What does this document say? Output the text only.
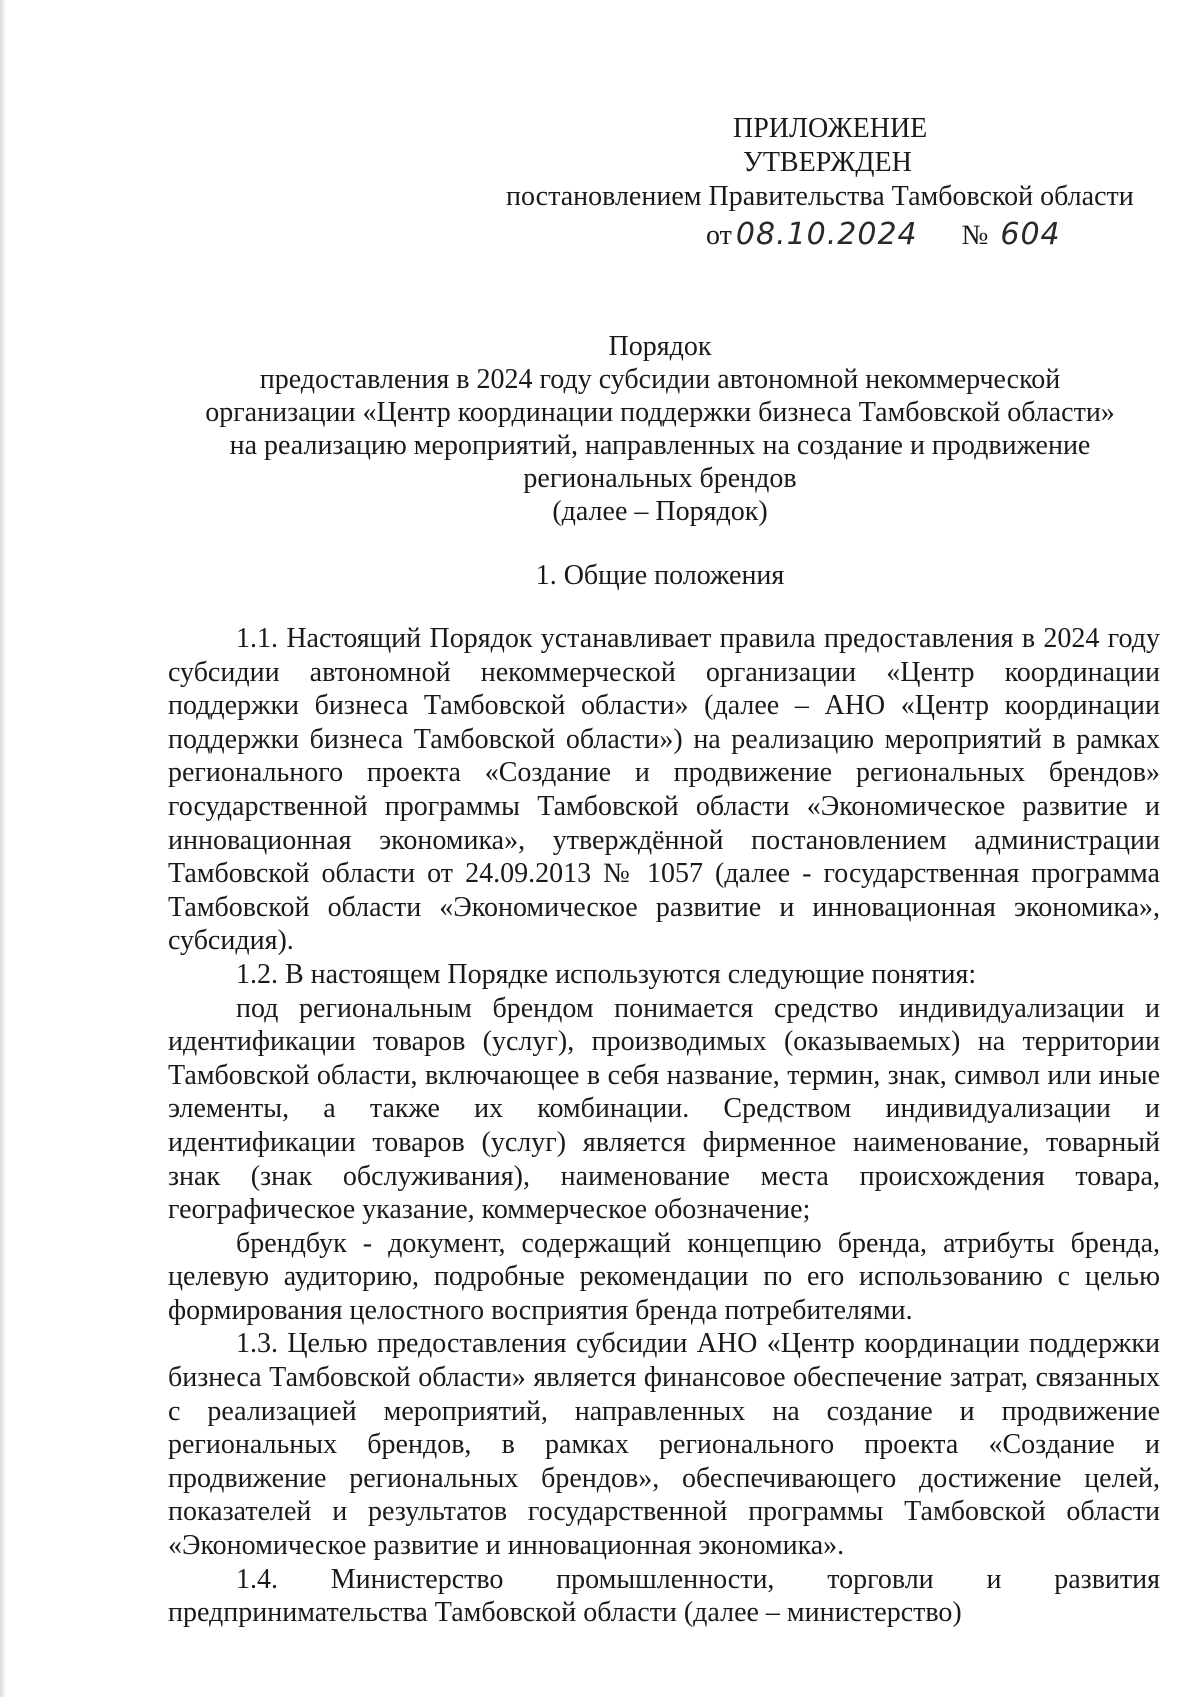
ПРИЛОЖЕНИЕ
УТВЕРЖДЕН
постановлением Правительства Тамбовской области
от 08.10.2024 № 604

Порядок

предоставления в 2024 году субсидии автономной некоммерческой

организации «Центр координации поддержки бизнеса Тамбовской области»

на реализацию мероприятий, направленных на создание и продвижение

региональных брендов

(далее – Порядок)

1. Общие положения

1.1. Настоящий Порядок устанавливает правила предоставления в 2024 году субсидии автономной некоммерческой организации «Центр координации поддержки бизнеса Тамбовской области» (далее – АНО «Центр координации поддержки бизнеса Тамбовской области») на реализацию мероприятий в рамках регионального проекта «Создание и продвижение региональных брендов» государственной программы Тамбовской области «Экономическое развитие и инновационная экономика», утверждённой постановлением администрации Тамбовской области от 24.09.2013 № 1057 (далее - государственная программа Тамбовской области «Экономическое развитие и инновационная экономика», субсидия).

1.2. В настоящем Порядке используются следующие понятия:

под региональным брендом понимается средство индивидуализации и идентификации товаров (услуг), производимых (оказываемых) на территории Тамбовской области, включающее в себя название, термин, знак, символ или иные элементы, а также их комбинации. Средством индивидуализации и идентификации товаров (услуг) является фирменное наименование, товарный знак (знак обслуживания), наименование места происхождения товара, географическое указание, коммерческое обозначение;

брендбук - документ, содержащий концепцию бренда, атрибуты бренда, целевую аудиторию, подробные рекомендации по его использованию с целью формирования целостного восприятия бренда потребителями.

1.3. Целью предоставления субсидии АНО «Центр координации поддержки бизнеса Тамбовской области» является финансовое обеспечение затрат, связанных с реализацией мероприятий, направленных на создание и продвижение региональных брендов, в рамках регионального проекта «Создание и продвижение региональных брендов», обеспечивающего достижение целей, показателей и результатов государственной программы Тамбовской области «Экономическое развитие и инновационная экономика».

1.4. Министерство промышленности, торговли и развития предпринимательства Тамбовской области (далее – министерство)
